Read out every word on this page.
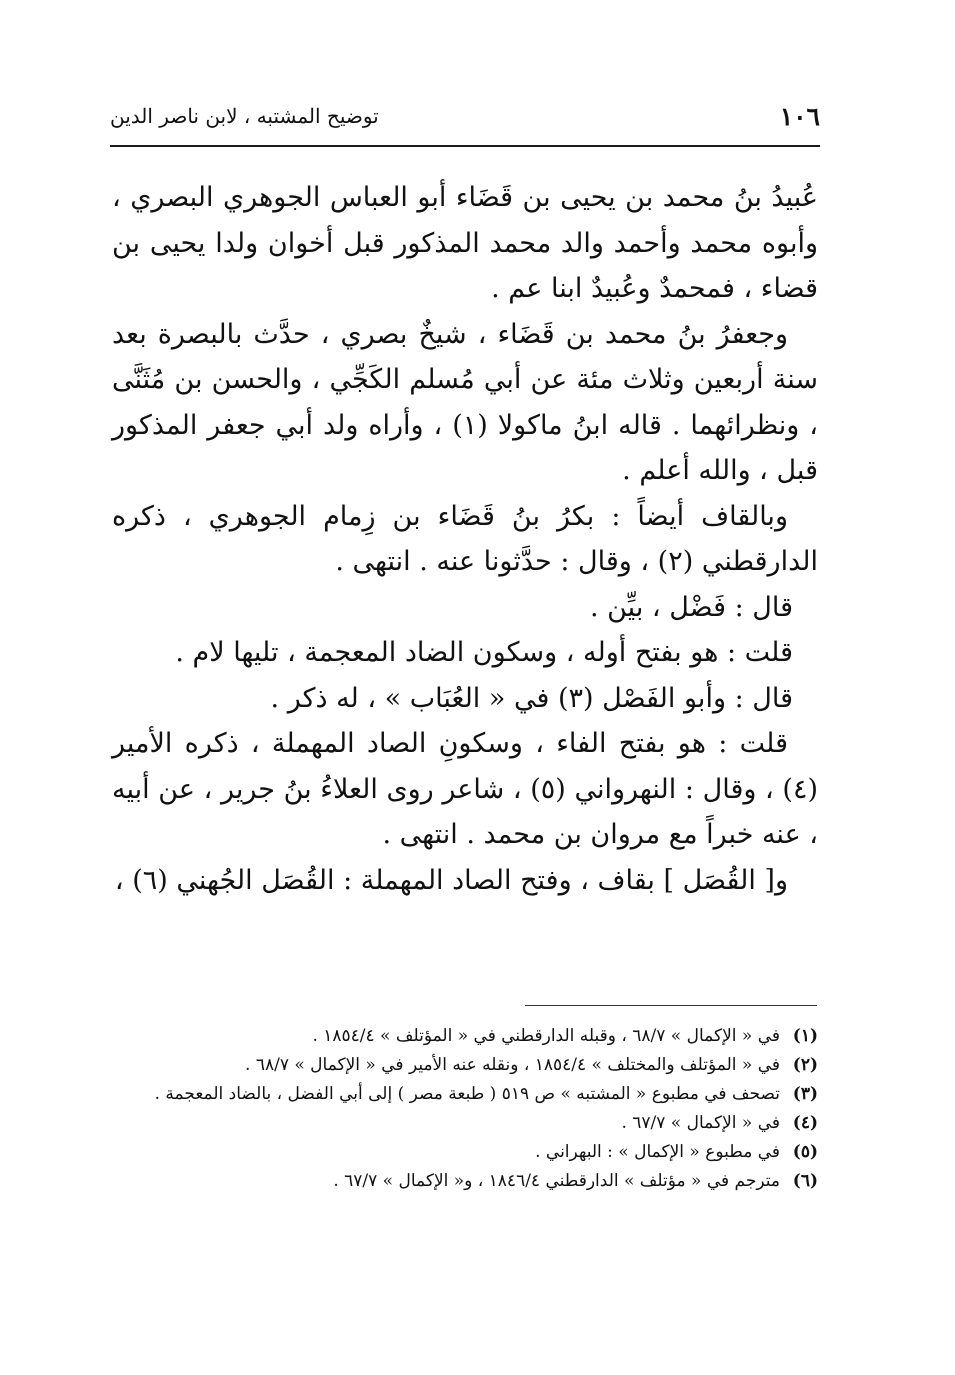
١٠٦
توضيح المشتبه ، لابن ناصر الدين

عُبيدُ بنُ محمد بن يحيى بن قَضَاء أبو العباس الجوهري البصري ، وأبوه محمد وأحمد والد محمد المذكور قبل أخوان ولدا يحيى بن قضاء ، فمحمدٌ وعُبيدٌ ابنا عم .

وجعفرُ بنُ محمد بن قَضَاء ، شيخٌ بصري ، حدَّث بالبصرة بعد سنة أربعين وثلاث مئة عن أبي مُسلم الكَجِّي ، والحسن بن مُثَنَّى ، ونظرائهما . قاله ابنُ ماكولا (١) ، وأراه ولد أبي جعفر المذكور قبل ، والله أعلم .

وبالقاف أيضاً : بكرُ بنُ قَضَاء بن زِمام الجوهري ، ذكره الدارقطني (٢) ، وقال : حدَّثونا عنه . انتهى .

قال : فَضْل ، بيِّن .

قلت : هو بفتح أوله ، وسكون الضاد المعجمة ، تليها لام .

قال : وأبو الفَصْل (٣) في « العُبَاب » ، له ذكر .

قلت : هو بفتح الفاء ، وسكونِ الصاد المهملة ، ذكره الأمير (٤) ، وقال : النهرواني (٥) ، شاعر روى العلاءُ بنُ جرير ، عن أبيه ، عنه خبراً مع مروان بن محمد . انتهى .

و[ القُصَل ] بقاف ، وفتح الصاد المهملة : القُصَل الجُهني (٦) ،

(١)
في « الإكمال » ٦٨/٧ ، وقبله الدارقطني في « المؤتلف » ١٨٥٤/٤ .
(٢)
في « المؤتلف والمختلف » ١٨٥٤/٤ ، ونقله عنه الأمير في « الإكمال » ٦٨/٧ .
(٣)
تصحف في مطبوع « المشتبه » ص ٥١٩ ( طبعة مصر ) إلى أبي الفضل ، بالضاد المعجمة .
(٤)
في « الإكمال » ٦٧/٧ .
(٥)
في مطبوع « الإكمال » : البهراني .
(٦)
مترجم في « مؤتلف » الدارقطني ١٨٤٦/٤ ، و« الإكمال » ٦٧/٧ .
